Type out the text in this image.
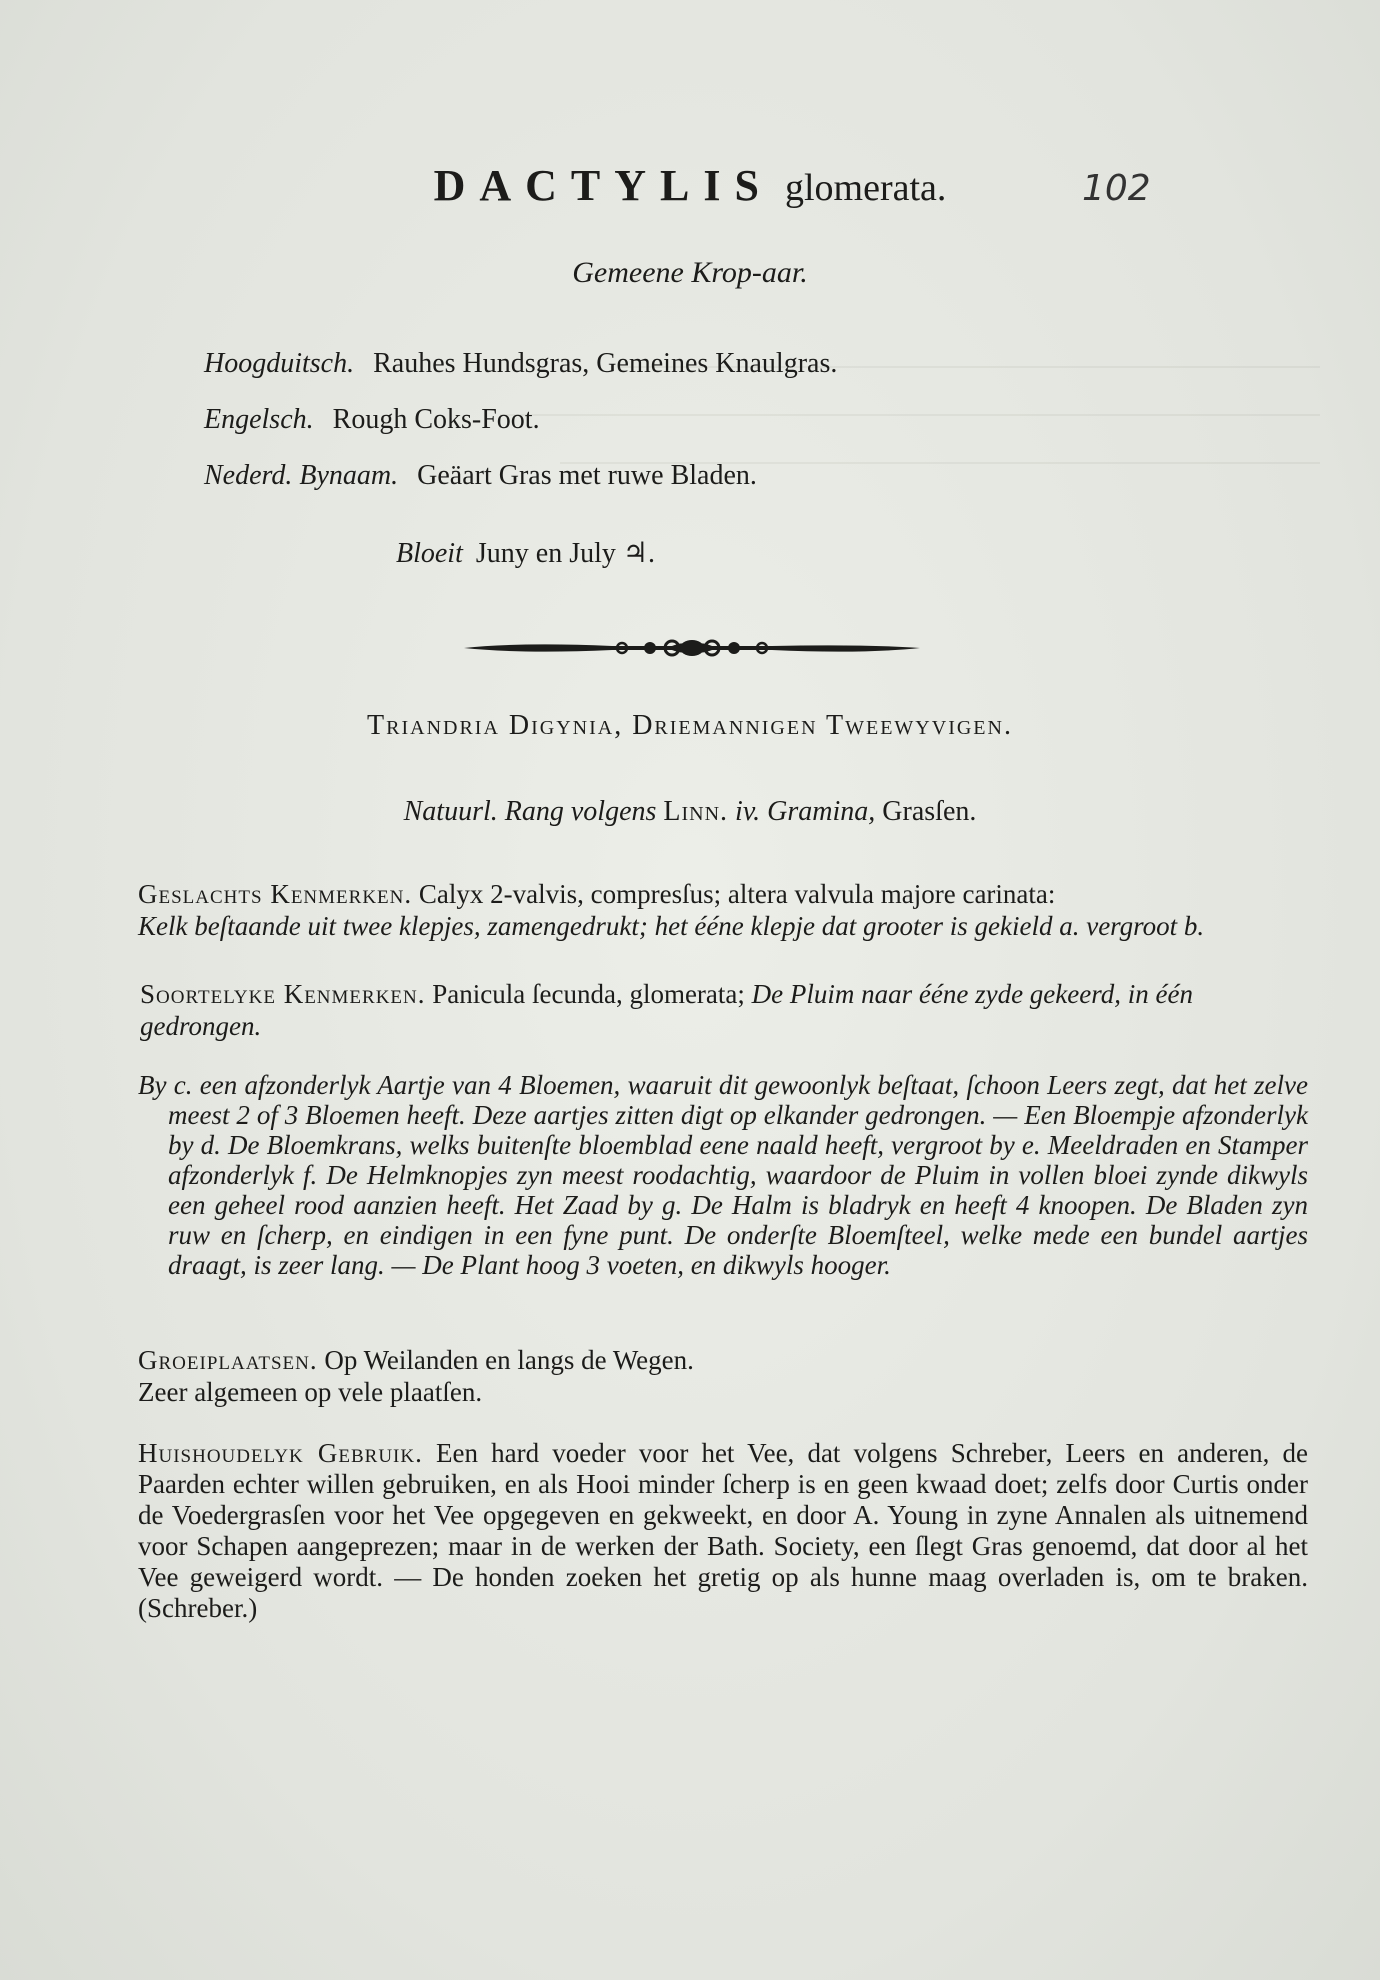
DACTYLIS glomerata.	102
Gemeene Krop-aar.
Hoogduitsch. Rauhes Hundsgras, Gemeines Knaulgras.
Engelsch. Rough Coks-Foot.
Nederd. Bynaam. Geäart Gras met ruwe Bladen.
Bloeit Juny en July ♃.
Triandria Digynia, Driemannigen Tweewyvigen.
Natuurl. Rang volgens Linn. iv. Gramina, Grasſen.
Geslachts Kenmerken. Calyx 2-valvis, compresſus; altera valvula majore carinata:
Kelk beſtaande uit twee klepjes, zamengedrukt; het ééne klepje dat grooter is gekield a. vergroot b.
Soortelyke Kenmerken. Panicula ſecunda, glomerata; De Pluim naar ééne zyde gekeerd, in één gedrongen.
By c. een afzonderlyk Aartje van 4 Bloemen, waaruit dit gewoonlyk beſtaat, ſchoon Leers zegt, dat het zelve meest 2 of 3 Bloemen heeft. Deze aartjes zitten digt op elkander gedrongen. — Een Bloempje afzonderlyk by d. De Bloemkrans, welks buitenſte bloemblad eene naald heeft, vergroot by e. Meeldraden en Stamper afzonderlyk f. De Helmknopjes zyn meest roodachtig, waardoor de Pluim in vollen bloei zynde dikwyls een geheel rood aanzien heeft. Het Zaad by g. De Halm is bladryk en heeft 4 knoopen. De Bladen zyn ruw en ſcherp, en eindigen in een fyne punt. De onderſte Bloemſteel, welke mede een bundel aartjes draagt, is zeer lang. — De Plant hoog 3 voeten, en dikwyls hooger.
Groeiplaatsen. Op Weilanden en langs de Wegen.
Zeer algemeen op vele plaatſen.
Huishoudelyk Gebruik. Een hard voeder voor het Vee, dat volgens Schreber, Leers en anderen, de Paarden echter willen gebruiken, en als Hooi minder ſcherp is en geen kwaad doet; zelfs door Curtis onder de Voedergrasſen voor het Vee opgegeven en gekweekt, en door A. Young in zyne Annalen als uitnemend voor Schapen aangeprezen; maar in de werken der Bath. Society, een ſlegt Gras genoemd, dat door al het Vee geweigerd wordt. — De honden zoeken het gretig op als hunne maag overladen is, om te braken. (Schreber.)
